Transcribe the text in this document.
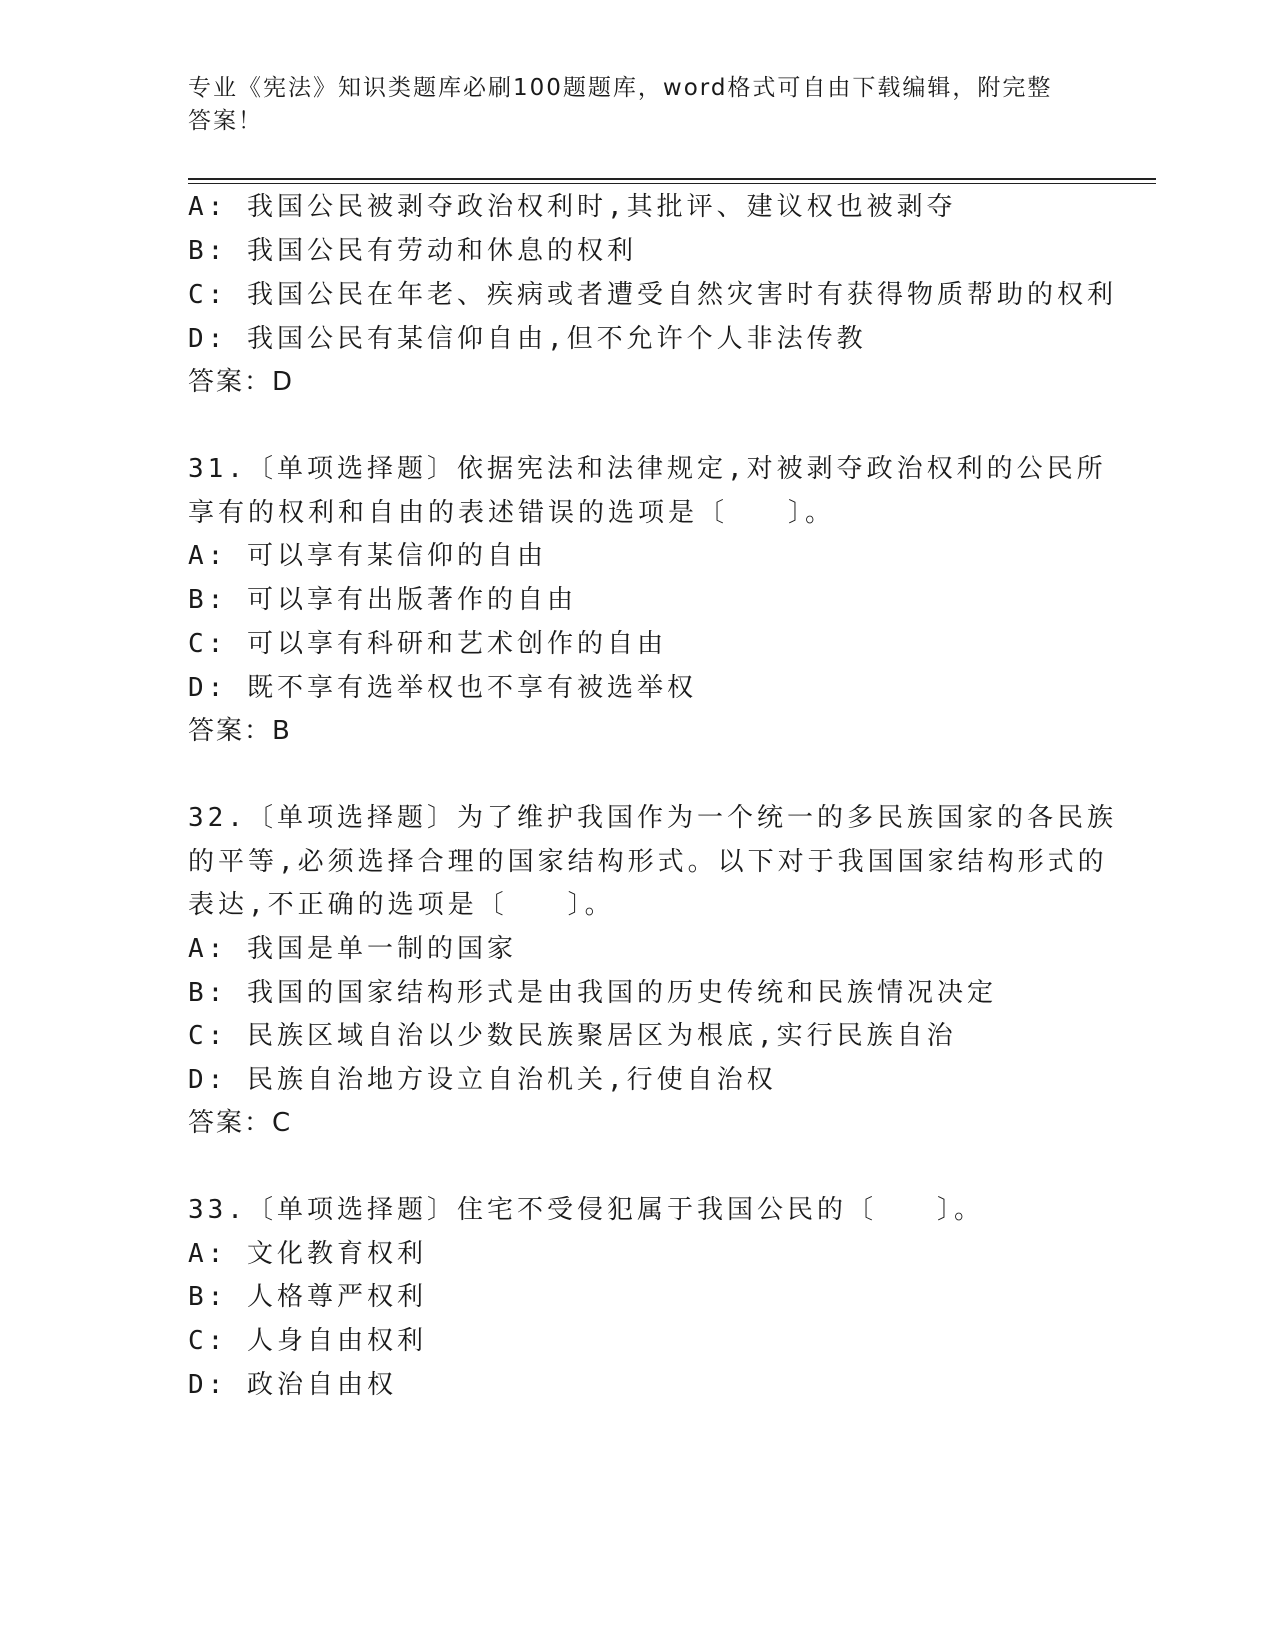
专业《宪法》知识类题库必刷100题题库，word格式可自由下载编辑，附完整答案！
A: 我国公民被剥夺政治权利时,其批评、建议权也被剥夺
B: 我国公民有劳动和休息的权利
C: 我国公民在年老、疾病或者遭受自然灾害时有获得物质帮助的权利
D: 我国公民有某信仰自由,但不允许个人非法传教
答案：D
31.〔单项选择题〕依据宪法和法律规定,对被剥夺政治权利的公民所
享有的权利和自由的表述错误的选项是〔　　〕。
A: 可以享有某信仰的自由
B: 可以享有出版著作的自由
C: 可以享有科研和艺术创作的自由
D: 既不享有选举权也不享有被选举权
答案：B
32.〔单项选择题〕为了维护我国作为一个统一的多民族国家的各民族
的平等,必须选择合理的国家结构形式。以下对于我国国家结构形式的
表达,不正确的选项是〔　　〕。
A: 我国是单一制的国家
B: 我国的国家结构形式是由我国的历史传统和民族情况决定
C: 民族区域自治以少数民族聚居区为根底,实行民族自治
D: 民族自治地方设立自治机关,行使自治权
答案：C
33.〔单项选择题〕住宅不受侵犯属于我国公民的〔　　〕。
A: 文化教育权利
B: 人格尊严权利
C: 人身自由权利
D: 政治自由权
